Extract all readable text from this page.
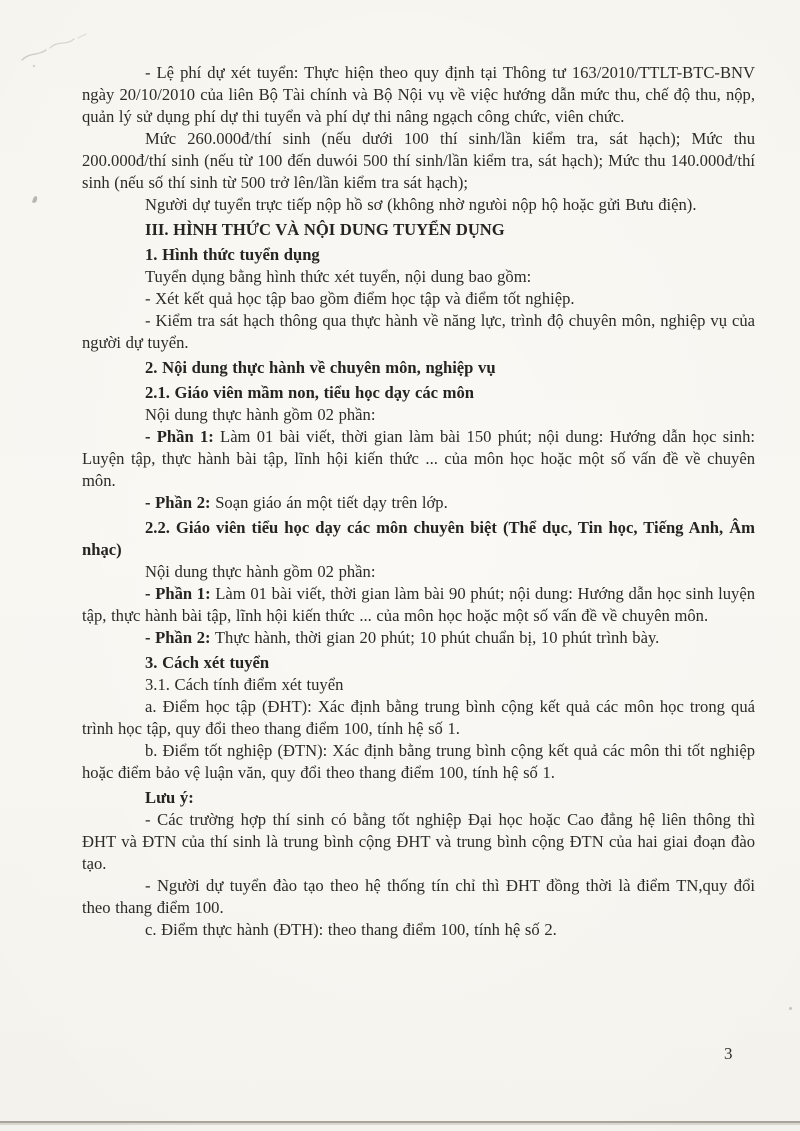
- Lệ phí dự xét tuyển: Thực hiện theo quy định tại Thông tư 163/2010/TTLT-BTC-BNV ngày 20/10/2010 của liên Bộ Tài chính và Bộ Nội vụ về việc hướng dẫn mức thu, chế độ thu, nộp, quản lý sử dụng phí dự thi tuyển và phí dự thi nâng ngạch công chức, viên chức.

Mức 260.000đ/thí sinh (nếu dưới 100 thí sinh/lần kiểm tra, sát hạch); Mức thu 200.000đ/thí sinh (nếu từ 100 đến duwói 500 thí sinh/lần kiểm tra, sát hạch); Mức thu 140.000đ/thí sinh (nếu số thí sinh từ 500 trở lên/lần kiểm tra sát hạch);

Người dự tuyển trực tiếp nộp hồ sơ (không nhờ ngưòi nộp hộ hoặc gửi Bưu điện).

III. HÌNH THỨC VÀ NỘI DUNG TUYỂN DỤNG

1. Hình thức tuyển dụng

Tuyển dụng bằng hình thức xét tuyển, nội dung bao gồm:

- Xét kết quả học tập bao gồm điểm học tập và điểm tốt nghiệp.

- Kiểm tra sát hạch thông qua thực hành về năng lực, trình độ chuyên môn, nghiệp vụ của người dự tuyển.

2. Nội dung thực hành về chuyên môn, nghiệp vụ

2.1. Giáo viên mầm non, tiểu học dạy các môn

Nội dung thực hành gồm 02 phần:

- Phần 1: Làm 01 bài viết, thời gian làm bài 150 phút; nội dung: Hướng dẫn học sinh: Luyện tập, thực hành bài tập, lĩnh hội kiến thức ... của môn học hoặc một số vấn đề về chuyên môn.

- Phần 2: Soạn giáo án một tiết dạy trên lớp.

2.2. Giáo viên tiểu học dạy các môn chuyên biệt (Thể dục, Tin học, Tiếng Anh, Âm nhạc)

Nội dung thực hành gồm 02 phần:

- Phần 1: Làm 01 bài viết, thời gian làm bài 90 phút; nội dung: Hướng dẫn học sinh luyện tập, thực hành bài tập, lĩnh hội kiến thức ... của môn học hoặc một số vấn đề về chuyên môn.

- Phần 2: Thực hành, thời gian 20 phút; 10 phút chuẩn bị, 10 phút trình bày.

3. Cách xét tuyển

3.1. Cách tính điểm xét tuyển

a. Điểm học tập (ĐHT): Xác định bằng trung bình cộng kết quả các môn học trong quá trình học tập, quy đổi theo thang điểm 100, tính hệ số 1.

b. Điểm tốt nghiệp (ĐTN): Xác định bằng trung bình cộng kết quả các môn thi tốt nghiệp hoặc điểm bảo vệ luận văn, quy đổi theo thang điểm 100, tính hệ số 1.

Lưu ý:

- Các trường hợp thí sinh có bằng tốt nghiệp Đại học hoặc Cao đẳng hệ liên thông thì ĐHT và ĐTN của thí sinh là trung bình cộng ĐHT và trung bình cộng ĐTN của hai giai đoạn đào tạo.

- Người dự tuyển đào tạo theo hệ thống tín chỉ thì ĐHT đồng thời là điểm TN,quy đổi theo thang điểm 100.

c. Điểm thực hành (ĐTH): theo thang điểm 100, tính hệ số 2.

3
